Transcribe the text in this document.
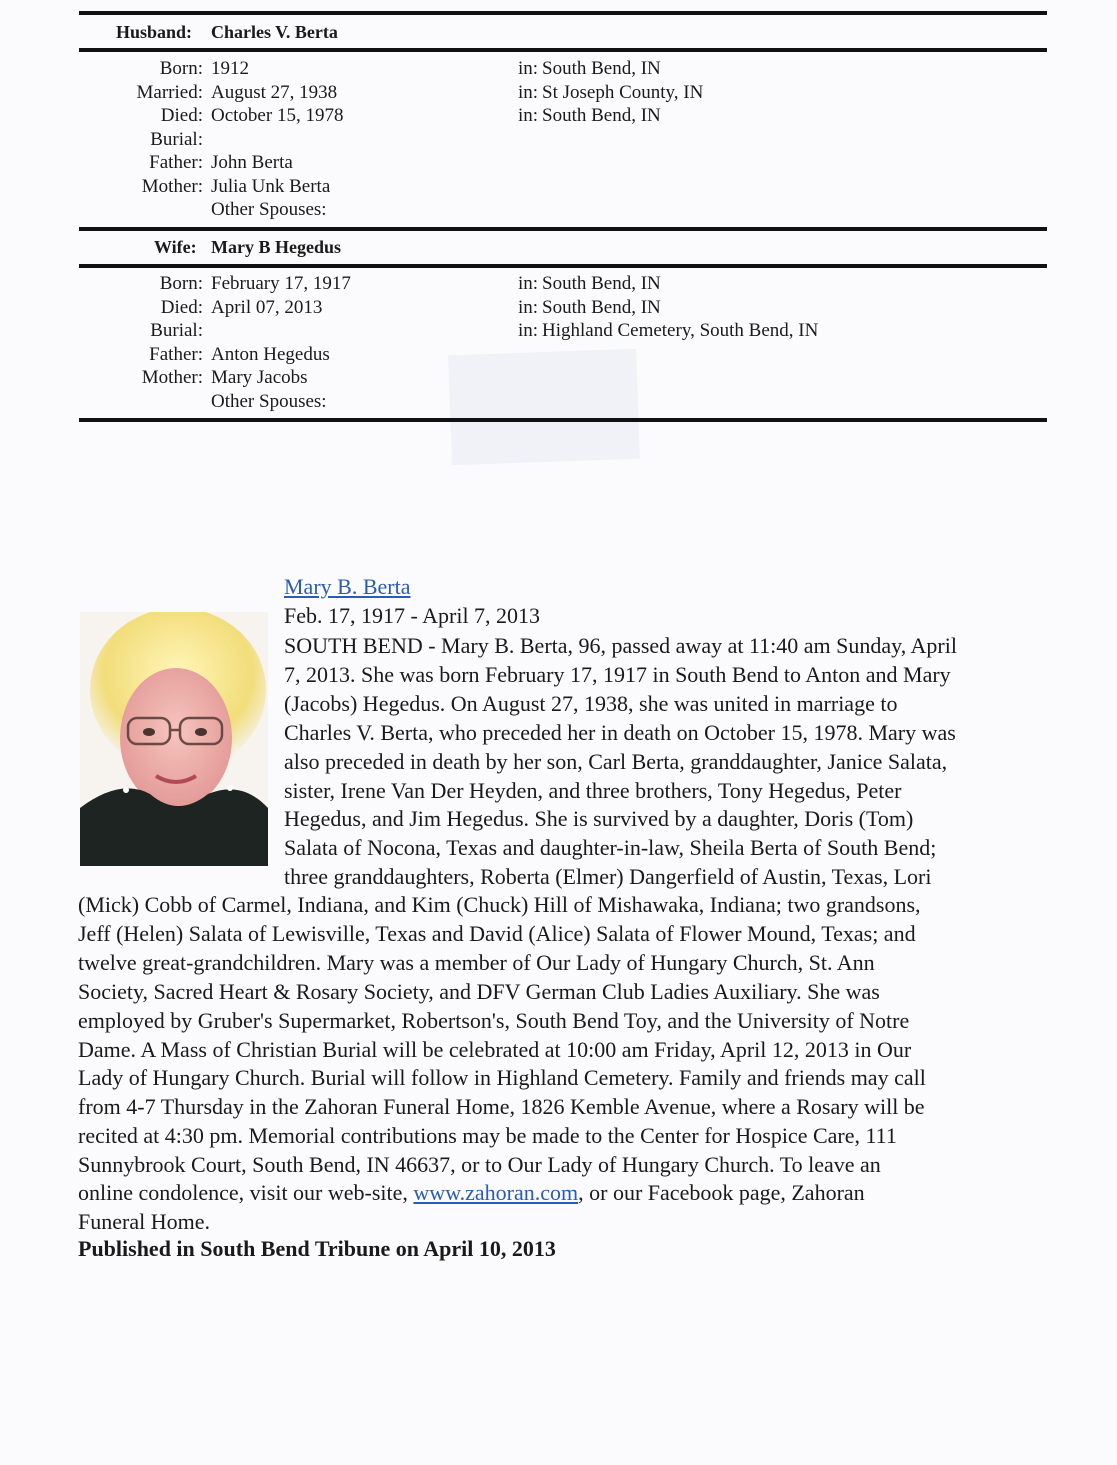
Husband:	Charles V. Berta
Born: 1912	in: South Bend, IN
Married: August 27, 1938	in: St Joseph County, IN
Died: October 15, 1978	in: South Bend, IN
Burial:
Father: John Berta
Mother: Julia Unk Berta
Other Spouses:
Wife: Mary B Hegedus
Born: February 17, 1917	in: South Bend, IN
Died: April 07, 2013	in: South Bend, IN
Burial:	in: Highland Cemetery, South Bend, IN
Father: Anton Hegedus
Mother: Mary Jacobs
Other Spouses:
Mary B. Berta
Feb. 17, 1917 - April 7, 2013
SOUTH BEND - Mary B. Berta, 96, passed away at 11:40 am Sunday, April
7, 2013. She was born February 17, 1917 in South Bend to Anton and Mary
(Jacobs) Hegedus. On August 27, 1938, she was united in marriage to
Charles V. Berta, who preceded her in death on October 15, 1978. Mary was
also preceded in death by her son, Carl Berta, granddaughter, Janice Salata,
sister, Irene Van Der Heyden, and three brothers, Tony Hegedus, Peter
Hegedus, and Jim Hegedus. She is survived by a daughter, Doris (Tom)
Salata of Nocona, Texas and daughter-in-law, Sheila Berta of South Bend;
three granddaughters, Roberta (Elmer) Dangerfield of Austin, Texas, Lori
(Mick) Cobb of Carmel, Indiana, and Kim (Chuck) Hill of Mishawaka, Indiana; two grandsons,
Jeff (Helen) Salata of Lewisville, Texas and David (Alice) Salata of Flower Mound, Texas; and
twelve great-grandchildren. Mary was a member of Our Lady of Hungary Church, St. Ann
Society, Sacred Heart & Rosary Society, and DFV German Club Ladies Auxiliary. She was
employed by Gruber's Supermarket, Robertson's, South Bend Toy, and the University of Notre
Dame. A Mass of Christian Burial will be celebrated at 10:00 am Friday, April 12, 2013 in Our
Lady of Hungary Church. Burial will follow in Highland Cemetery. Family and friends may call
from 4-7 Thursday in the Zahoran Funeral Home, 1826 Kemble Avenue, where a Rosary will be
recited at 4:30 pm. Memorial contributions may be made to the Center for Hospice Care, 111
Sunnybrook Court, South Bend, IN 46637, or to Our Lady of Hungary Church. To leave an
online condolence, visit our web-site, www.zahoran.com, or our Facebook page, Zahoran
Funeral Home.
Published in South Bend Tribune on April 10, 2013
